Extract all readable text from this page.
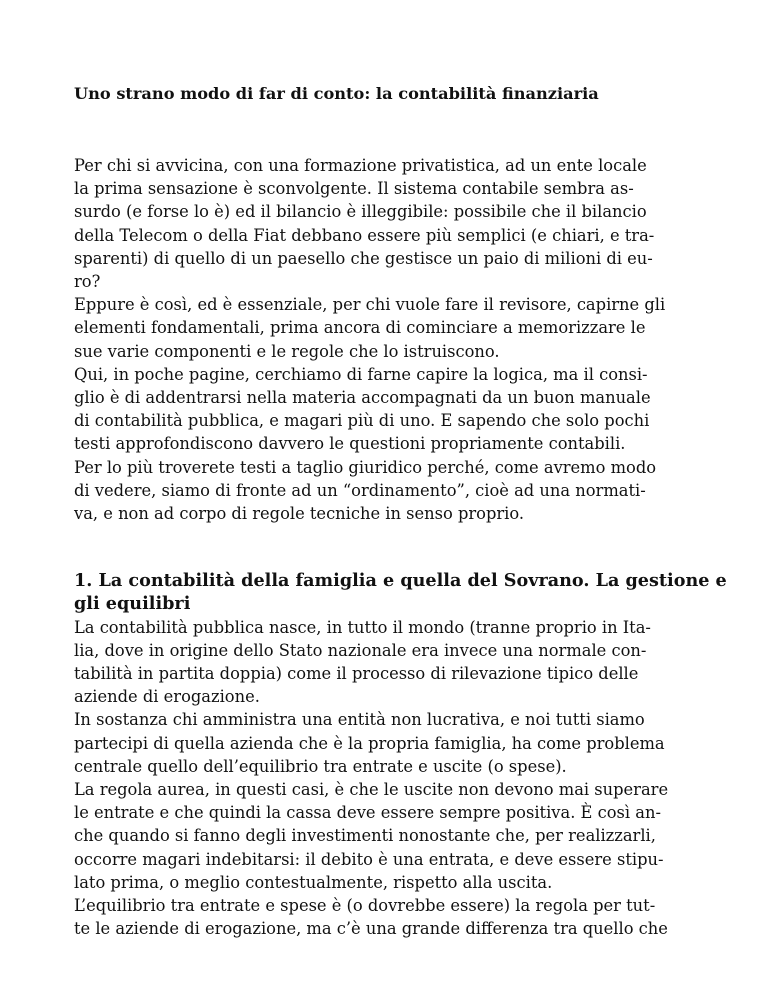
Uno strano modo di far di conto: la contabilità finanziaria

Per chi si avvicina, con una formazione privatistica, ad un ente locale

la prima sensazione è sconvolgente. Il sistema contabile sembra as-

surdo (e forse lo è) ed il bilancio è illeggibile: possibile che il bilancio

della Telecom o della Fiat debbano essere più semplici (e chiari, e tra-

sparenti) di quello di un paesello che gestisce un paio di milioni di eu-

ro?

Eppure è così, ed è essenziale, per chi vuole fare il revisore, capirne gli

elementi fondamentali, prima ancora di cominciare a memorizzare le

sue varie componenti e le regole che lo istruiscono.

Qui, in poche pagine, cerchiamo di farne capire la logica, ma il consi-

glio è di addentrarsi nella materia accompagnati da un buon manuale

di contabilità pubblica, e magari più di uno. E sapendo che solo pochi

testi approfondiscono davvero le questioni propriamente contabili.

Per lo più troverete testi a taglio giuridico perché, come avremo modo

di vedere, siamo di fronte ad un “ordinamento”, cioè ad una normati-

va, e non ad corpo di regole tecniche in senso proprio.

1. La contabilità della famiglia e quella del Sovrano. La gestione e

gli equilibri

La contabilità pubblica nasce, in tutto il mondo (tranne proprio in Ita-

lia, dove in origine dello Stato nazionale era invece una normale con-

tabilità in partita doppia) come il processo di rilevazione tipico delle

aziende di erogazione.

In sostanza chi amministra una entità non lucrativa, e noi tutti siamo

partecipi di quella azienda che è la propria famiglia, ha come problema

centrale quello dell’equilibrio tra entrate e uscite (o spese).

La regola aurea, in questi casi, è che le uscite non devono mai superare

le entrate e che quindi la cassa deve essere sempre positiva. È così an-

che quando si fanno degli investimenti nonostante che, per realizzarli,

occorre magari indebitarsi: il debito è una entrata, e deve essere stipu-

lato prima, o meglio contestualmente, rispetto alla uscita.

L’equilibrio tra entrate e spese è (o dovrebbe essere) la regola per tut-

te le aziende di erogazione, ma c’è una grande differenza tra quello che
